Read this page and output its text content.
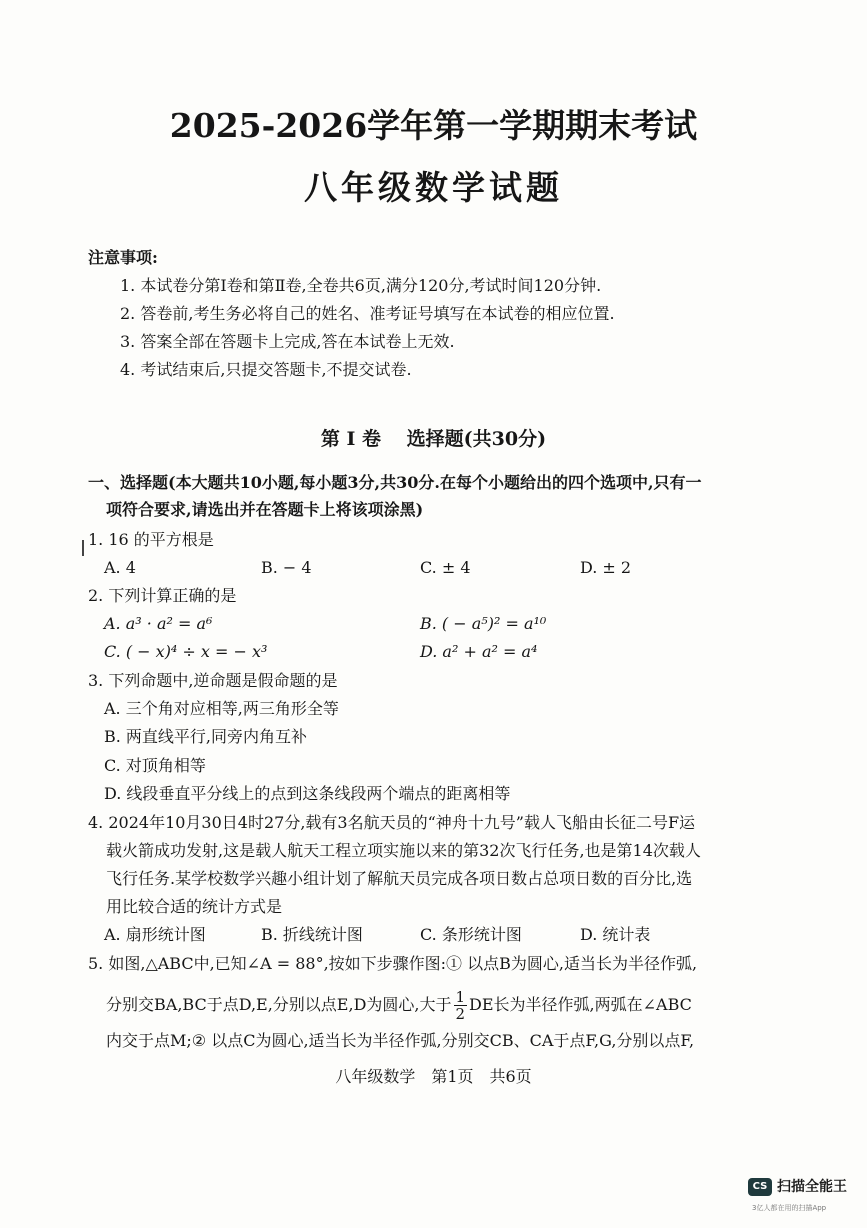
2025-2026学年第一学期期末考试
八年级数学试题
注意事项:
1. 本试卷分第Ⅰ卷和第Ⅱ卷,全卷共6页,满分120分,考试时间120分钟.
2. 答卷前,考生务必将自己的姓名、准考证号填写在本试卷的相应位置.
3. 答案全部在答题卡上完成,答在本试卷上无效.
4. 考试结束后,只提交答题卡,不提交试卷.
第 Ⅰ 卷　 选择题(共30分)
一、选择题(本大题共10小题,每小题3分,共30分.在每个小题给出的四个选项中,只有一
项符合要求,请选出并在答题卡上将该项涂黑)
1. 16 的平方根是
A. 4	B. − 4	C. ± 4	D. ± 2
2. 下列计算正确的是
A. a³ · a² = a⁶	B. ( − a⁵)² = a¹⁰
C. ( − x)⁴ ÷ x = − x³	D. a² + a² = a⁴
3. 下列命题中,逆命题是假命题的是
A. 三个角对应相等,两三角形全等
B. 两直线平行,同旁内角互补
C. 对顶角相等
D. 线段垂直平分线上的点到这条线段两个端点的距离相等
4. 2024年10月30日4时27分,载有3名航天员的“神舟十九号”载人飞船由长征二号F运
载火箭成功发射,这是载人航天工程立项实施以来的第32次飞行任务,也是第14次载人
飞行任务.某学校数学兴趣小组计划了解航天员完成各项日数占总项日数的百分比,选
用比较合适的统计方式是
A. 扇形统计图	B. 折线统计图	C. 条形统计图	D. 统计表
5. 如图,△ABC中,已知∠A = 88°,按如下步骤作图:① 以点B为圆心,适当长为半径作弧,
分别交BA,BC于点D,E,分别以点E,D为圆心,大于 $\frac{1}{2}$ DE长为半径作弧,两弧在∠ABC
内交于点M;② 以点C为圆心,适当长为半径作弧,分别交CB、CA于点F,G,分别以点F,
八年级数学　第1页　共6页
CS 扫描全能王
3亿人都在用的扫描App
